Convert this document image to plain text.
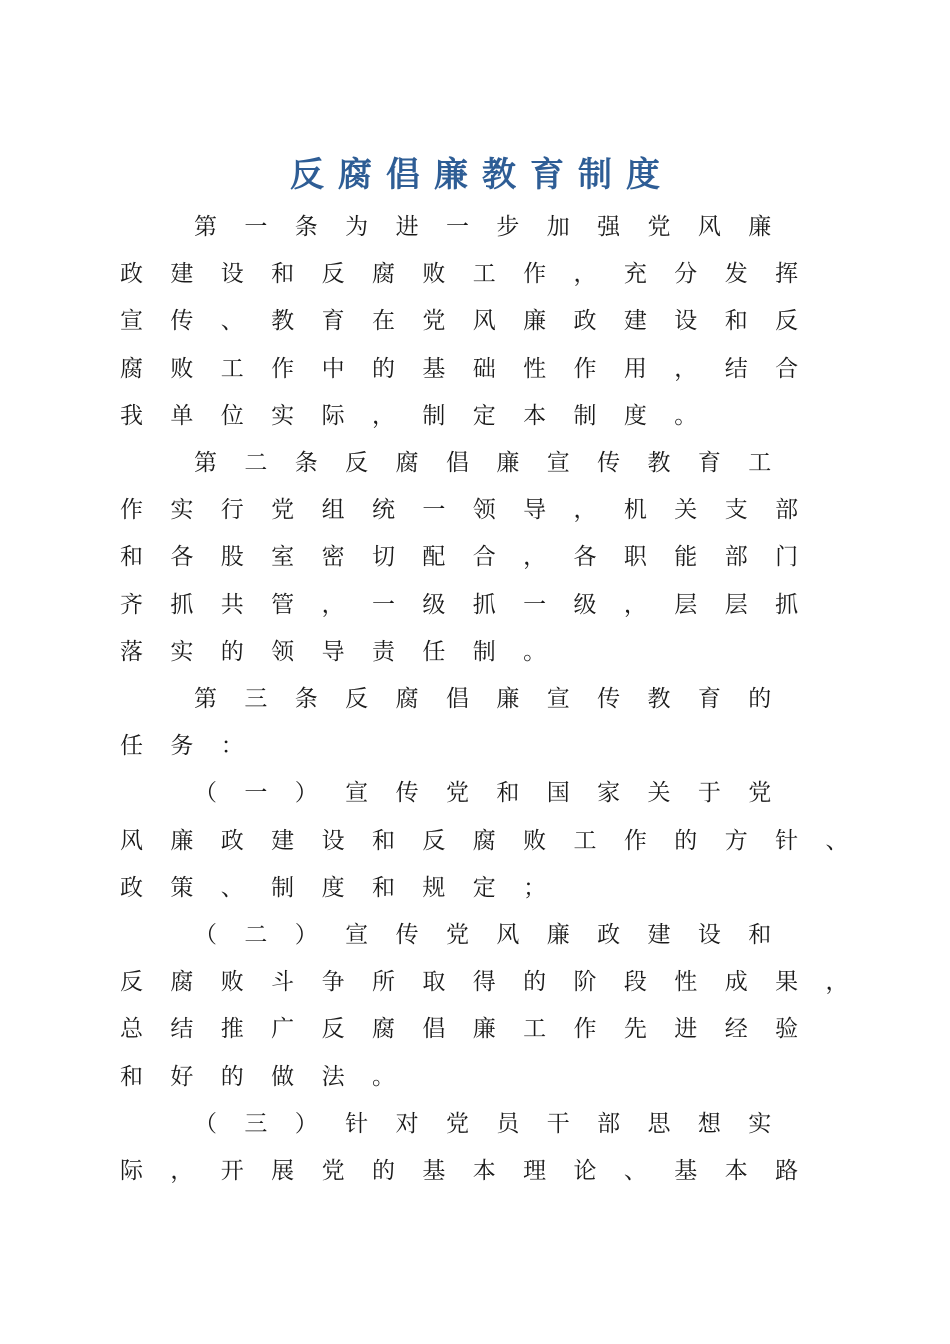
反腐倡廉教育制度
第	一	条	为	进	一	步	加	强	党	风	廉
政	建	设	和	反	腐	败	工	作	，	充	分	发	挥
宣	传	、	教	育	在	党	风	廉	政	建	设	和	反
腐	败	工	作	中	的	基	础	性	作	用	，	结	合
我	单	位	实	际	，	制	定	本	制	度	。
第	二	条	反	腐	倡	廉	宣	传	教	育	工
作	实	行	党	组	统	一	领	导	，	机	关	支	部
和	各	股	室	密	切	配	合	，	各	职	能	部	门
齐	抓	共	管	，	一	级	抓	一	级	，	层	层	抓
落	实	的	领	导	责	任	制	。
第	三	条	反	腐	倡	廉	宣	传	教	育	的
任	务	：
（	一	）	宣	传	党	和	国	家	关	于	党
风	廉	政	建	设	和	反	腐	败	工	作	的	方	针	、
政	策	、	制	度	和	规	定	；
（	二	）	宣	传	党	风	廉	政	建	设	和
反	腐	败	斗	争	所	取	得	的	阶	段	性	成	果	，
总	结	推	广	反	腐	倡	廉	工	作	先	进	经	验
和	好	的	做	法	。
（	三	）	针	对	党	员	干	部	思	想	实
际	，	开	展	党	的	基	本	理	论	、	基	本	路
